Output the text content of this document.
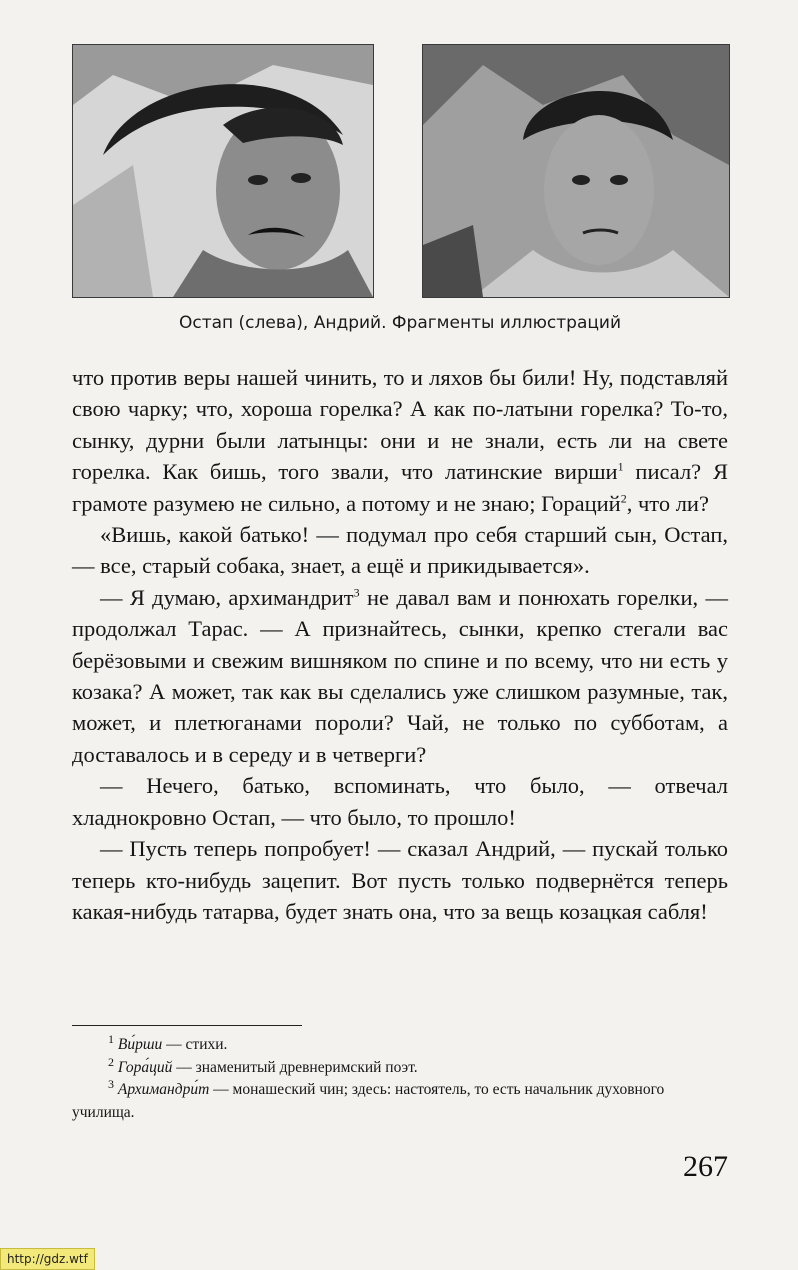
Остап (слева), Андрий. Фрагменты иллюстраций

что против веры нашей чинить, то и ляхов бы били! Ну, подставляй свою чарку; что, хороша горелка? А как по-латыни горелка? То-то, сынку, дурни были латынцы: они и не знали, есть ли на свете горелка. Как бишь, того звали, что латинские вирши$^1$ писал? Я грамоте разумею не сильно, а потому и не знаю; Гораций$^2$, что ли?

«Вишь, какой батько! — подумал про себя старший сын, Остап, — все, старый собака, знает, а ещё и прикидывается».

— Я думаю, архимандрит$^3$ не давал вам и понюхать горелки, — продолжал Тарас. — А признайтесь, сынки, крепко стегали вас берёзовыми и свежим вишняком по спине и по всему, что ни есть у козака? А может, так как вы сделались уже слишком разумные, так, может, и плетюганами пороли? Чай, не только по субботам, а доставалось и в середу и в четверги?

— Нечего, батько, вспоминать, что было, — отвечал хладнокровно Остап, — что было, то прошло!

— Пусть теперь попробует! — сказал Андрий, — пускай только теперь кто-нибудь зацепит. Вот пусть только подвернётся теперь какая-нибудь татарва, будет знать она, что за вещь козацкая сабля!

$^1$ Ви́рши — стихи.

$^2$ Гора́ций — знаменитый древнеримский поэт.

$^3$ Архимандри́т — монашеский чин; здесь: настоятель, то есть начальник духовного училища.

267
http://gdz.wtf
